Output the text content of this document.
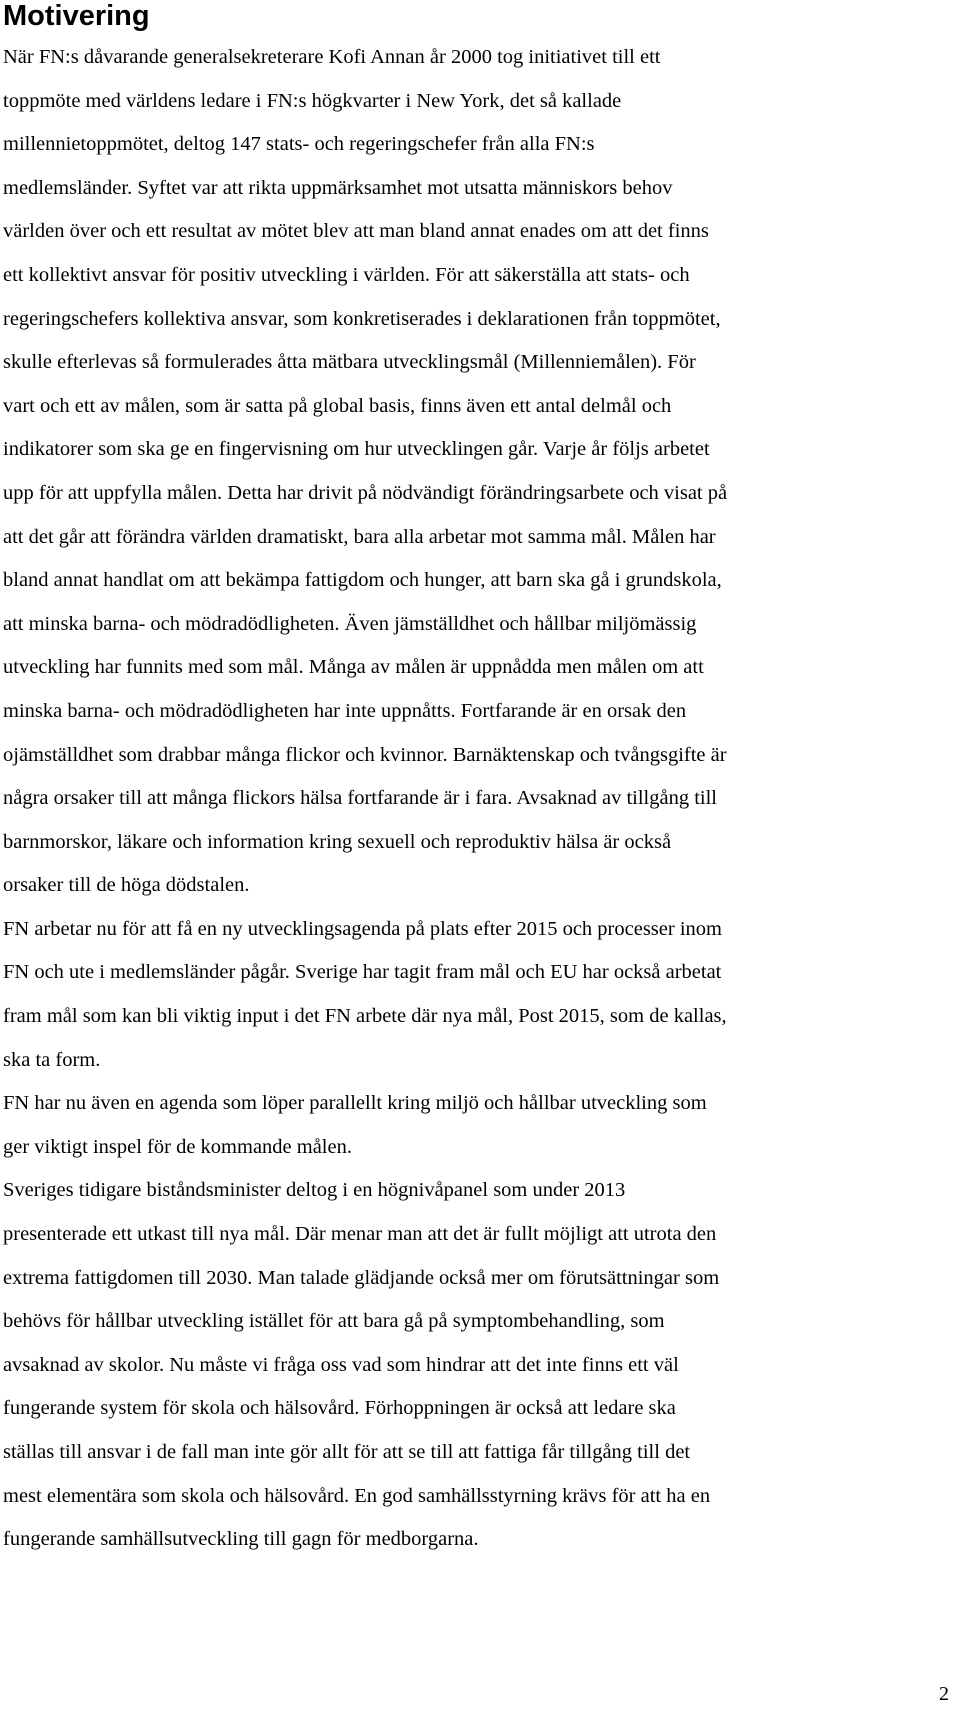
Motivering

När FN:s dåvarande generalsekreterare Kofi Annan år 2000 tog initiativet till ett
toppmöte med världens ledare i FN:s högkvarter i New York, det så kallade
millennietoppmötet, deltog 147 stats- och regeringschefer från alla FN:s
medlemsländer. Syftet var att rikta uppmärksamhet mot utsatta människors behov
världen över och ett resultat av mötet blev att man bland annat enades om att det finns
ett kollektivt ansvar för positiv utveckling i världen. För att säkerställa att stats- och
regeringschefers kollektiva ansvar, som konkretiserades i deklarationen från toppmötet,
skulle efterlevas så formulerades åtta mätbara utvecklingsmål (Millenniemålen). För
vart och ett av målen, som är satta på global basis, finns även ett antal delmål och
indikatorer som ska ge en fingervisning om hur utvecklingen går. Varje år följs arbetet
upp för att uppfylla målen. Detta har drivit på nödvändigt förändringsarbete och visat på
att det går att förändra världen dramatiskt, bara alla arbetar mot samma mål. Målen har
bland annat handlat om att bekämpa fattigdom och hunger, att barn ska gå i grundskola,
att minska barna- och mödradödligheten. Även jämställdhet och hållbar miljömässig
utveckling har funnits med som mål. Många av målen är uppnådda men målen om att
minska barna- och mödradödligheten har inte uppnåtts. Fortfarande är en orsak den
ojämställdhet som drabbar många flickor och kvinnor. Barnäktenskap och tvångsgifte är
några orsaker till att många flickors hälsa fortfarande är i fara. Avsaknad av tillgång till
barnmorskor, läkare och information kring sexuell och reproduktiv hälsa är också
orsaker till de höga dödstalen.

FN arbetar nu för att få en ny utvecklingsagenda på plats efter 2015 och processer inom
FN och ute i medlemsländer pågår. Sverige har tagit fram mål och EU har också arbetat
fram mål som kan bli viktig input i det FN arbete där nya mål, Post 2015, som de kallas,
ska ta form.

FN har nu även en agenda som löper parallellt kring miljö och hållbar utveckling som
ger viktigt inspel för de kommande målen.

Sveriges tidigare biståndsminister deltog i en högnivåpanel som under 2013
presenterade ett utkast till nya mål. Där menar man att det är fullt möjligt att utrota den
extrema fattigdomen till 2030. Man talade glädjande också mer om förutsättningar som
behövs för hållbar utveckling istället för att bara gå på symptombehandling, som
avsaknad av skolor. Nu måste vi fråga oss vad som hindrar att det inte finns ett väl
fungerande system för skola och hälsovård. Förhoppningen är också att ledare ska
ställas till ansvar i de fall man inte gör allt för att se till att fattiga får tillgång till det
mest elementära som skola och hälsovård. En god samhällsstyrning krävs för att ha en
fungerande samhällsutveckling till gagn för medborgarna.

2
